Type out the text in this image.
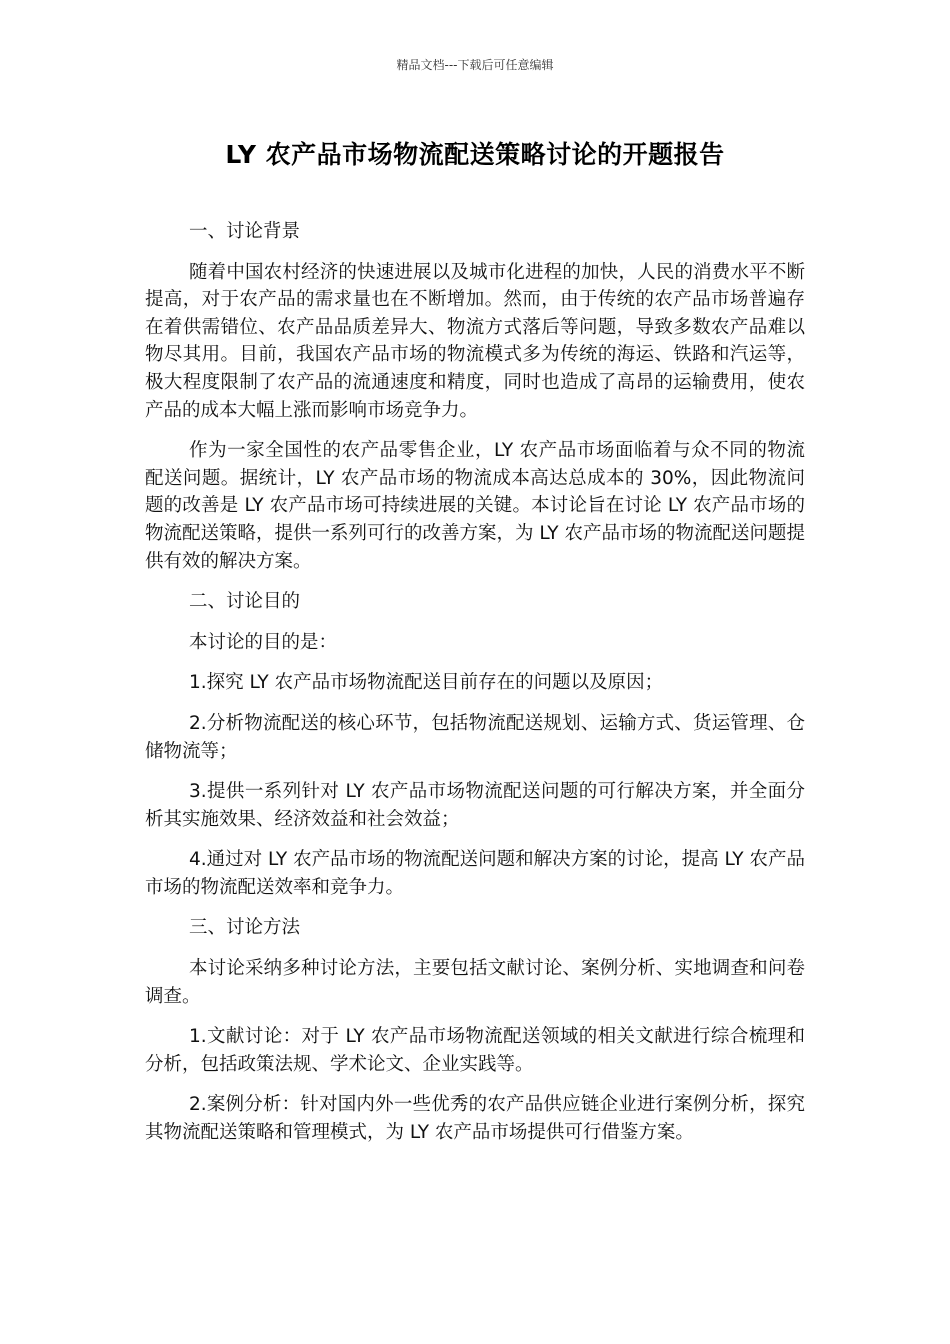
精品文档---下载后可任意编辑
LY 农产品市场物流配送策略讨论的开题报告

一、讨论背景

随着中国农村经济的快速进展以及城市化进程的加快，人民的消费水平不断提高，对于农产品的需求量也在不断增加。然而，由于传统的农产品市场普遍存在着供需错位、农产品品质差异大、物流方式落后等问题，导致多数农产品难以物尽其用。目前，我国农产品市场的物流模式多为传统的海运、铁路和汽运等，极大程度限制了农产品的流通速度和精度，同时也造成了高昂的运输费用，使农产品的成本大幅上涨而影响市场竞争力。

作为一家全国性的农产品零售企业，LY 农产品市场面临着与众不同的物流配送问题。据统计，LY 农产品市场的物流成本高达总成本的 30%，因此物流问题的改善是 LY 农产品市场可持续进展的关键。本讨论旨在讨论 LY 农产品市场的物流配送策略，提供一系列可行的改善方案，为 LY 农产品市场的物流配送问题提供有效的解决方案。

二、讨论目的

本讨论的目的是：

1.探究 LY 农产品市场物流配送目前存在的问题以及原因；

2.分析物流配送的核心环节，包括物流配送规划、运输方式、货运管理、仓储物流等；

3.提供一系列针对 LY 农产品市场物流配送问题的可行解决方案，并全面分析其实施效果、经济效益和社会效益；

4.通过对 LY 农产品市场的物流配送问题和解决方案的讨论，提高 LY 农产品市场的物流配送效率和竞争力。

三、讨论方法

本讨论采纳多种讨论方法，主要包括文献讨论、案例分析、实地调查和问卷调查。

1.文献讨论：对于 LY 农产品市场物流配送领域的相关文献进行综合梳理和分析，包括政策法规、学术论文、企业实践等。

2.案例分析：针对国内外一些优秀的农产品供应链企业进行案例分析，探究其物流配送策略和管理模式，为 LY 农产品市场提供可行借鉴方案。
